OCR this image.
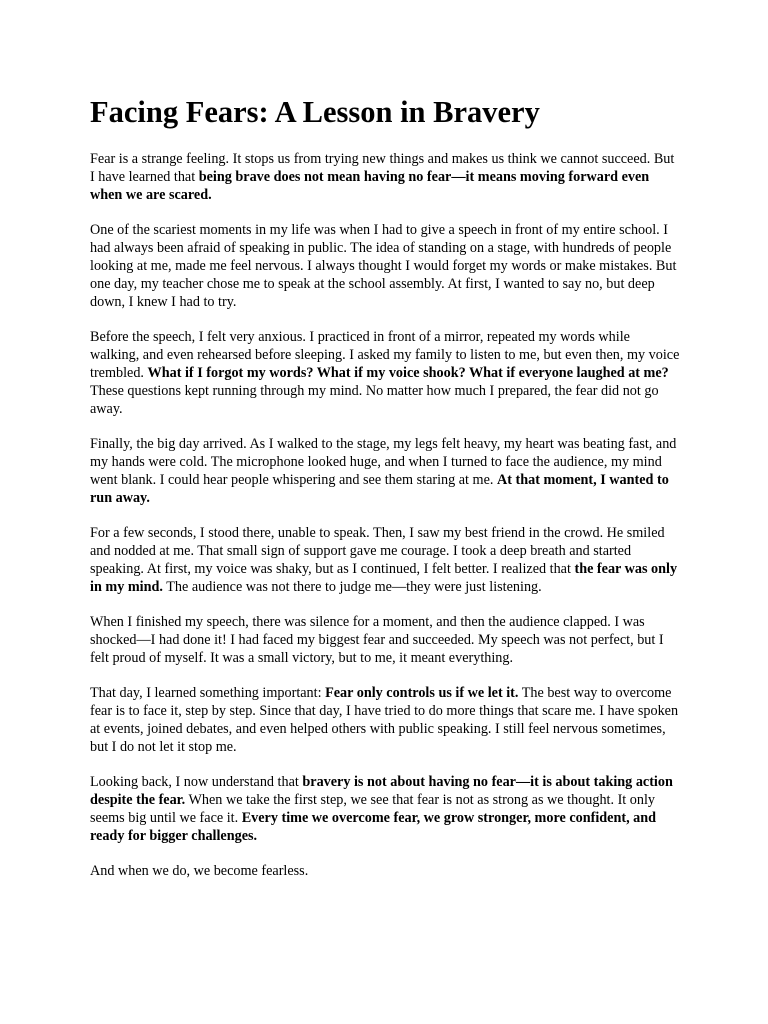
Facing Fears: A Lesson in Bravery

Fear is a strange feeling. It stops us from trying new things and makes us think we cannot succeed. But I have learned that being brave does not mean having no fear—it means moving forward even when we are scared.

One of the scariest moments in my life was when I had to give a speech in front of my entire school. I had always been afraid of speaking in public. The idea of standing on a stage, with hundreds of people looking at me, made me feel nervous. I always thought I would forget my words or make mistakes. But one day, my teacher chose me to speak at the school assembly. At first, I wanted to say no, but deep down, I knew I had to try.

Before the speech, I felt very anxious. I practiced in front of a mirror, repeated my words while walking, and even rehearsed before sleeping. I asked my family to listen to me, but even then, my voice trembled. What if I forgot my words? What if my voice shook? What if everyone laughed at me? These questions kept running through my mind. No matter how much I prepared, the fear did not go away.

Finally, the big day arrived. As I walked to the stage, my legs felt heavy, my heart was beating fast, and my hands were cold. The microphone looked huge, and when I turned to face the audience, my mind went blank. I could hear people whispering and see them staring at me. At that moment, I wanted to run away.

For a few seconds, I stood there, unable to speak. Then, I saw my best friend in the crowd. He smiled and nodded at me. That small sign of support gave me courage. I took a deep breath and started speaking. At first, my voice was shaky, but as I continued, I felt better. I realized that the fear was only in my mind. The audience was not there to judge me—they were just listening.

When I finished my speech, there was silence for a moment, and then the audience clapped. I was shocked—I had done it! I had faced my biggest fear and succeeded. My speech was not perfect, but I felt proud of myself. It was a small victory, but to me, it meant everything.

That day, I learned something important: Fear only controls us if we let it. The best way to overcome fear is to face it, step by step. Since that day, I have tried to do more things that scare me. I have spoken at events, joined debates, and even helped others with public speaking. I still feel nervous sometimes, but I do not let it stop me.

Looking back, I now understand that bravery is not about having no fear—it is about taking action despite the fear. When we take the first step, we see that fear is not as strong as we thought. It only seems big until we face it. Every time we overcome fear, we grow stronger, more confident, and ready for bigger challenges.

And when we do, we become fearless.
